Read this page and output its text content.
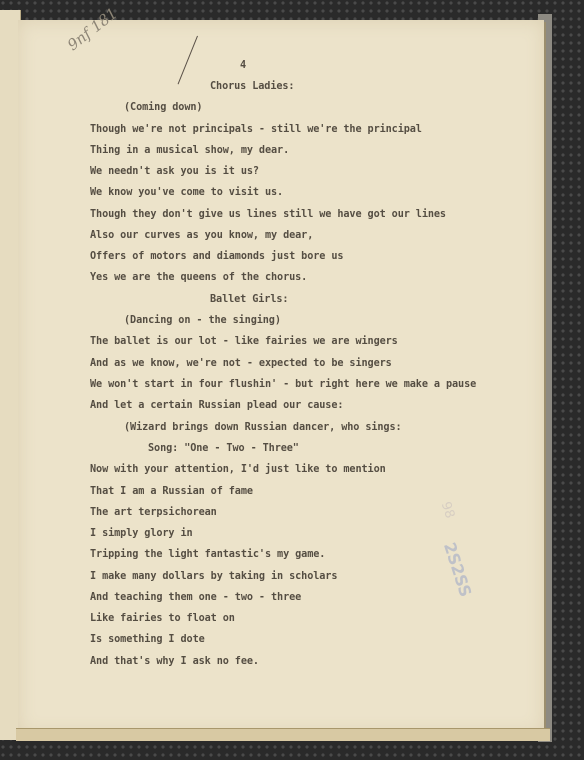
9nf 181
4
Chorus Ladies:
(Coming down)
Though we're not principals - still we're the principal
Thing in a musical show, my dear.
We needn't ask you is it us?
We know you've come to visit us.
Though they don't give us lines still we have got our lines
Also our curves as you know, my dear,
Offers of motors and diamonds just bore us
Yes we are the queens of the chorus.
Ballet Girls:
(Dancing on - the singing)
The ballet is our lot - like fairies we are wingers
And as we know, we're not - expected to be singers
We won't start in four flushin' - but right here we make a pause
And let a certain Russian plead our cause:
(Wizard brings down Russian dancer, who sings:
Song: "One - Two - Three"
Now with your attention, I'd just like to mention
That I am a Russian of fame
The art terpsichorean
I simply glory in
Tripping the light fantastic's my game.
I make many dollars by taking in scholars
And teaching them one - two - three
Like fairies to float on
Is something I dote
And that's why I ask no fee.
98
2S2SS
